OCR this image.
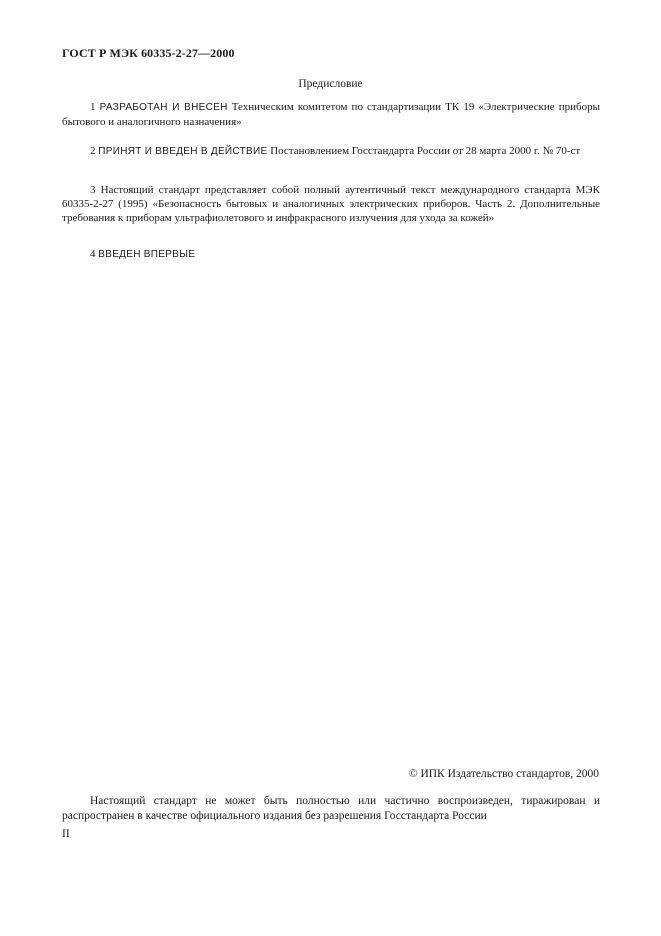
ГОСТ Р МЭК 60335-2-27—2000
Предисловие
1 РАЗРАБОТАН И ВНЕСЕН Техническим комитетом по стандартизации ТК 19 «Электрические приборы бытового и аналогичного назначения»
2 ПРИНЯТ И ВВЕДЕН В ДЕЙСТВИЕ Постановлением Госстандарта России от 28 марта 2000 г. № 70-ст
3 Настоящий стандарт представляет собой полный аутентичный текст международного стандарта МЭК 60335-2-27 (1995) «Безопасность бытовых и аналогичных электрических приборов. Часть 2. Дополнительные требования к приборам ультрафиолетового и инфракрасного излучения для ухода за кожей»
4 ВВЕДЕН ВПЕРВЫЕ
© ИПК Издательство стандартов, 2000
Настоящий стандарт не может быть полностью или частично воспроизведен, тиражирован и распространен в качестве официального издания без разрешения Госстандарта России
II
